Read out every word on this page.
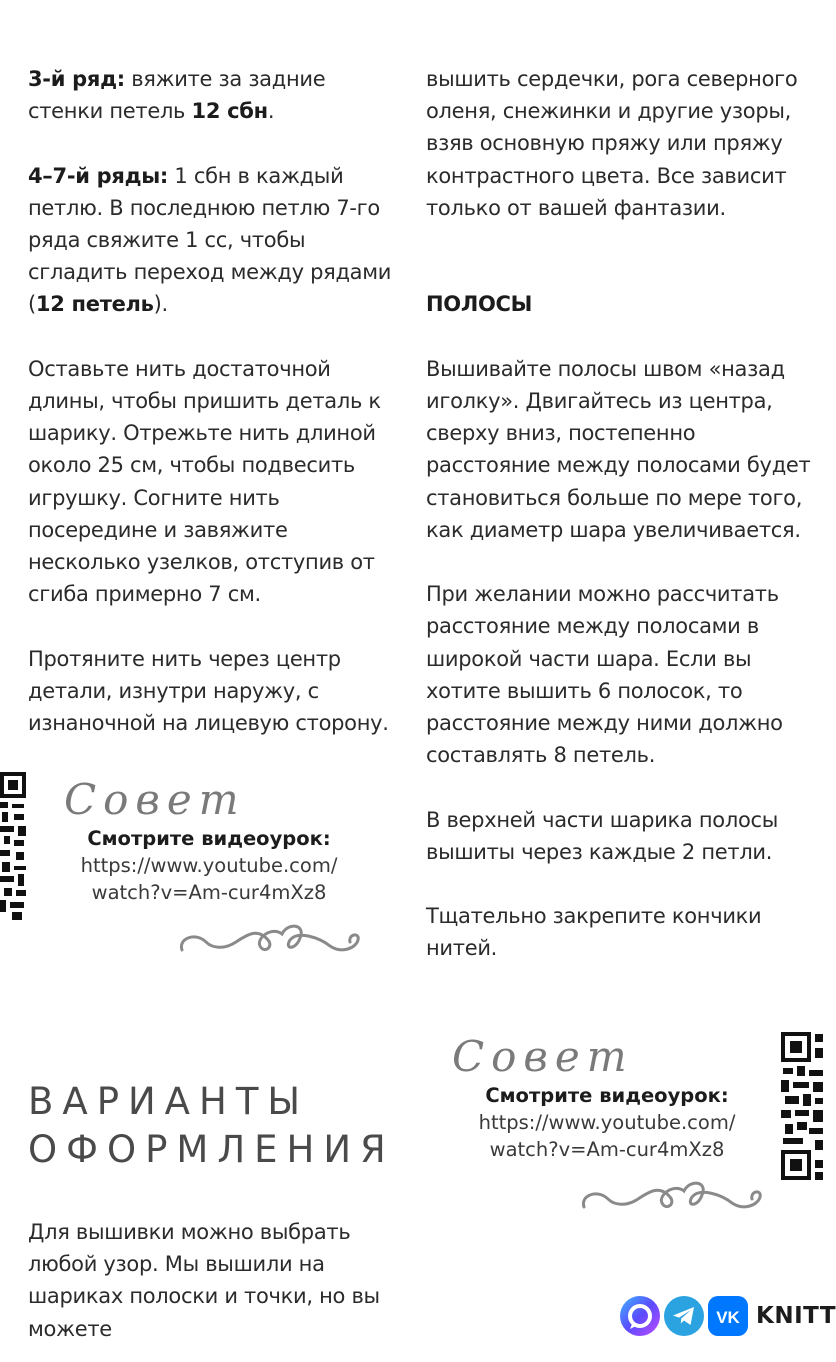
3-й ряд: вяжите за задние стенки петель 12 сбн.

4–7-й ряды: 1 сбн в каждый петлю. В последнюю петлю 7-го ряда свяжите 1 сс, чтобы сгладить переход между рядами (12 петель).

Оставьте нить достаточной длины, чтобы пришить деталь к шарику. Отрежьте нить длиной около 25 см, чтобы подвесить игрушку. Согните нить посередине и завяжите несколько узелков, отступив от сгиба примерно 7 см.

Протяните нить через центр детали, изнутри наружу, с изнаночной на лицевую сторону.

Совет
Смотрите видеоурок:
https://www.youtube.com/
watch?v=Am-cur4mXz8

вышить сердечки, рога северного оленя, снежинки и другие узоры, взяв основную пряжу или пряжу контрастного цвета. Все зависит только от вашей фантазии.

ПОЛОСЫ

Вышивайте полосы швом «назад иголку». Двигайтесь из центра, сверху вниз, постепенно расстояние между полосами будет становиться больше по мере того, как диаметр шара увеличивается.

При желании можно рассчитать расстояние между полосами в широкой части шара. Если вы хотите вышить 6 полосок, то расстояние между ними должно составлять 8 петель.

В верхней части шарика полосы вышиты через каждые 2 петли.

Тщательно закрепите кончики нитей.

Совет
Смотрите видеоурок:
https://www.youtube.com/
watch?v=Am-cur4mXz8
ВАРИАНТЫ
ОФОРМЛЕНИЯ

Для вышивки можно выбрать любой узор. Мы вышили на шариках полоски и точки, но вы можете	VK KNITT
